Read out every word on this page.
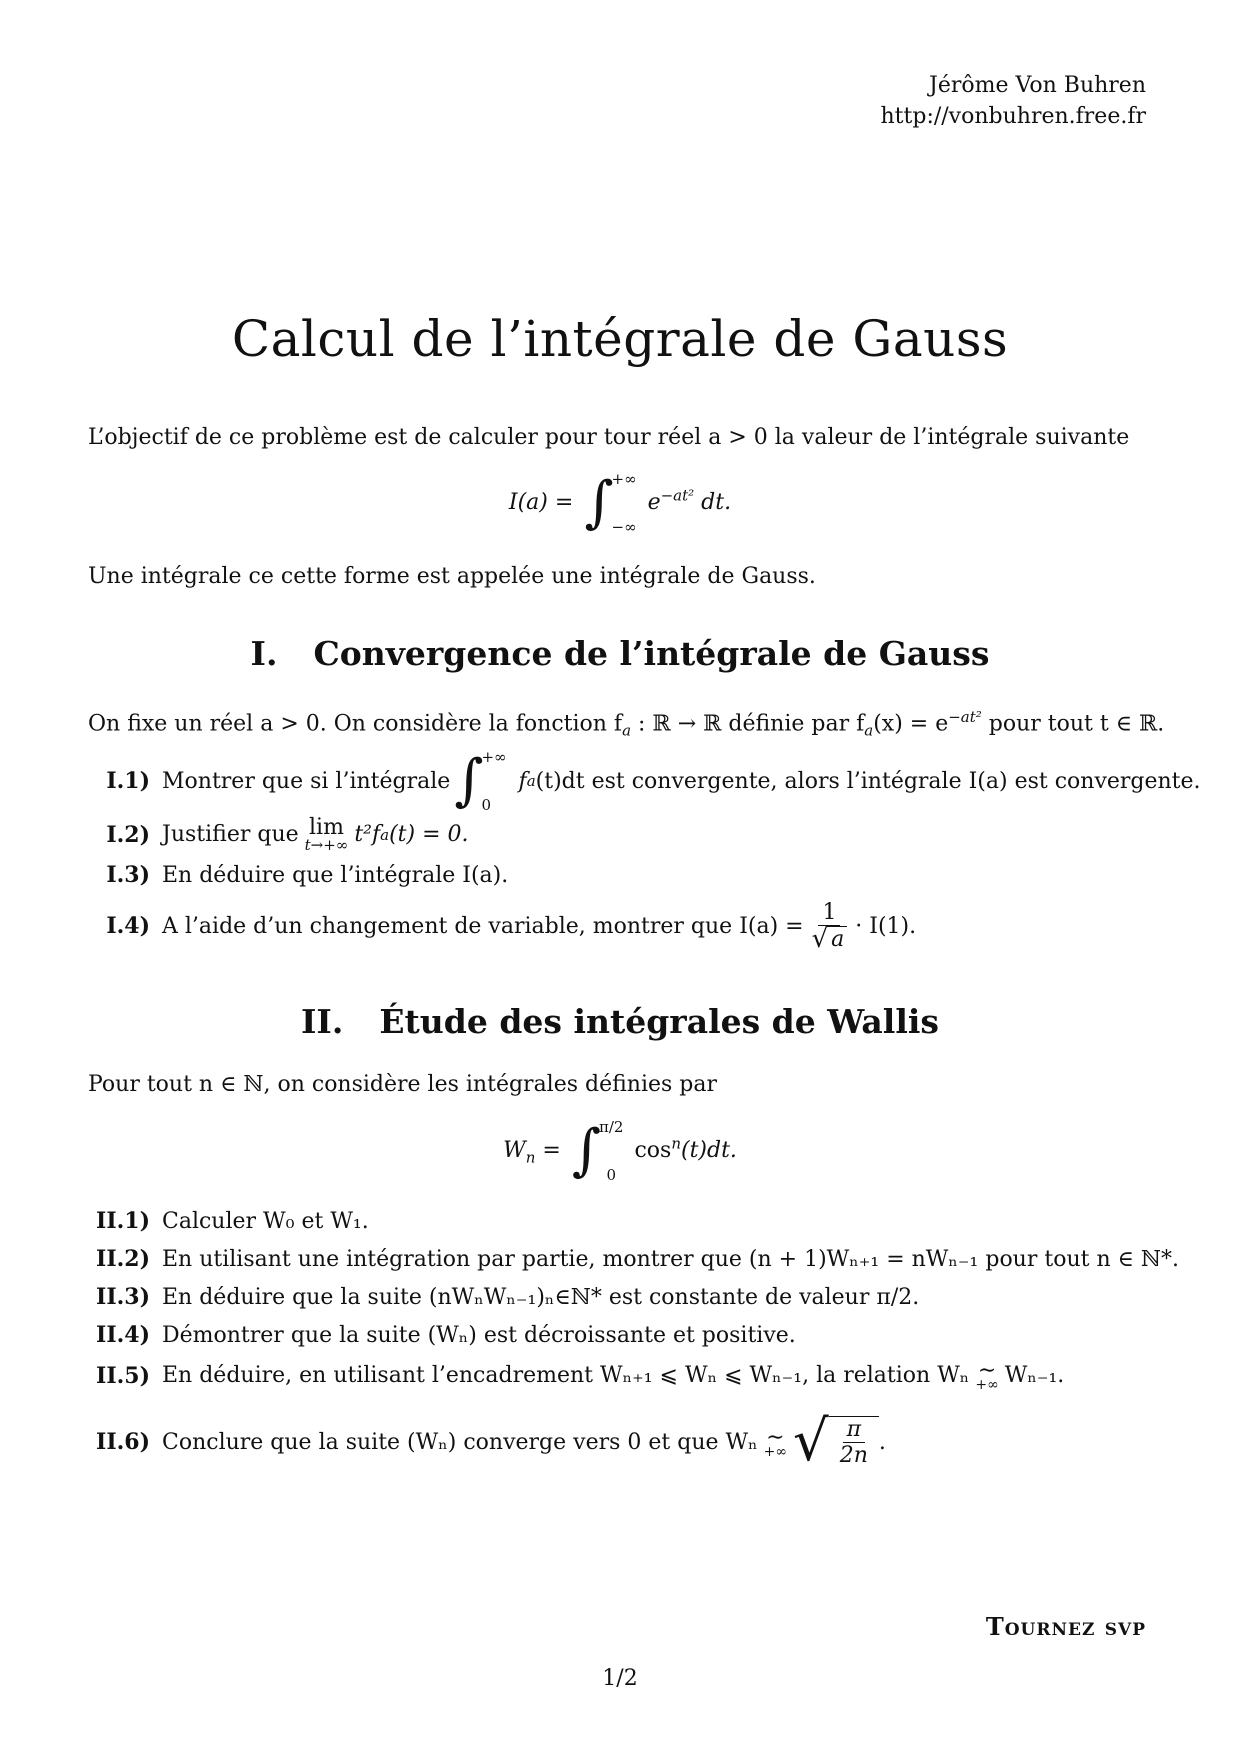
Jérôme Von Buhren
http://vonbuhren.free.fr
Calcul de l’intégrale de Gauss
L’objectif de ce problème est de calculer pour tour réel a > 0 la valeur de l’intégrale suivante
I(a) = ∫
+∞
−∞
$e^{-at^2}$ dt.
Une intégrale ce cette forme est appelée une intégrale de Gauss.
I. Convergence de l’intégrale de Gauss
On fixe un réel a > 0. On considère la fonction $f_a$ : ℝ → ℝ définie par $f_a(x) = e^{-at^2}$ pour tout t ∈ ℝ.
I.1) Montrer que si l’intégrale ∫
+∞
0
f a (t)dt est convergente, alors l’intégrale I(a) est convergente.
I.2) Justifier que lim
t→+∞ t²f a (t) = 0.
I.3) En déduire que l’intégrale I(a).
I.4) A l’aide d’un changement de variable, montrer que $I(a) = \frac{1}{√ a} \cdot I(1)$.
II. Étude des intégrales de Wallis
Pour tout n ∈ ℕ, on considère les intégrales définies par
$W_n$ = ∫
π/2
0
$\cos^n(t)dt$.
II.1) Calculer W₀ et W₁.
II.2) En utilisant une intégration par partie, montrer que (n + 1)Wₙ₊₁ = nWₙ₋₁ pour tout n ∈ ℕ*.
II.3) En déduire que la suite (nWₙWₙ₋₁)ₙ∈ℕ* est constante de valeur π/2.
II.4) Démontrer que la suite (Wₙ) est décroissante et positive.
II.5) En déduire, en utilisant l’encadrement Wₙ₊₁ ⩽ Wₙ ⩽ Wₙ₋₁, la relation Wₙ ∼
+∞ Wₙ₋₁.
II.6) Conclure que la suite (Wₙ) converge vers 0 et que Wₙ ∼
+∞ √ $\frac{\pi}{2n}$ .
Tournez svp
1/2
